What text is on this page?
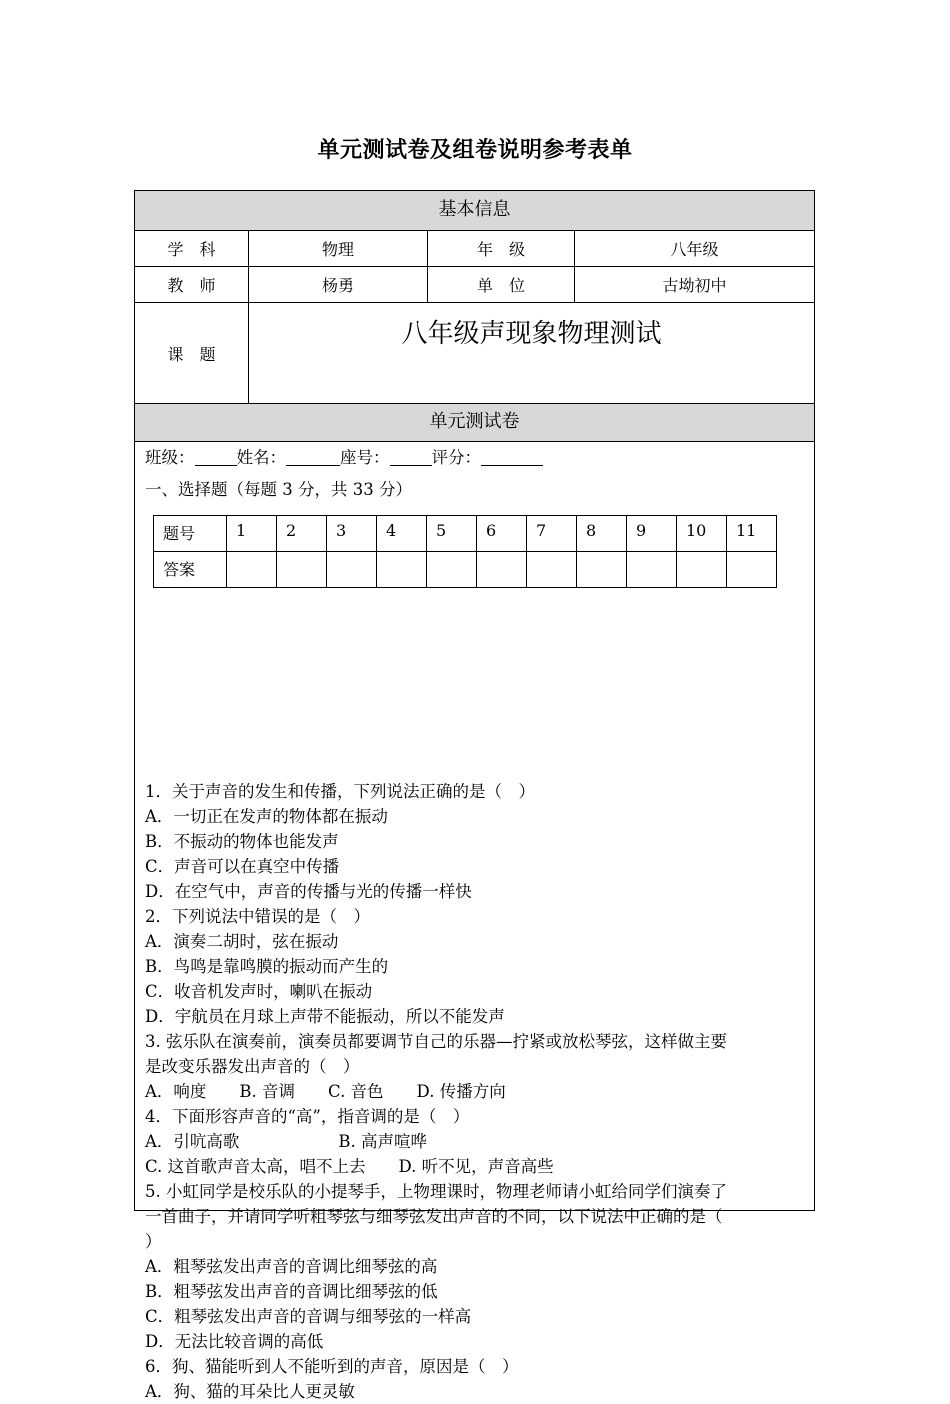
单元测试卷及组卷说明参考表单
基本信息
学　科	物理	年　级	八年级
教　师	杨勇	单　位	古坳初中
课　题
八年级声现象物理测试
单元测试卷
班级：	姓名：	座号：	评分：
一、选择题（每题 3 分，共 33 分）
题号	1	2	3	4	5	6	7	8	9	10	11
答案											
1．关于声音的发生和传播，下列说法正确的是（　）
A．一切正在发声的物体都在振动
B．不振动的物体也能发声
C．声音可以在真空中传播
D．在空气中，声音的传播与光的传播一样快
2．下列说法中错误的是（　）
A．演奏二胡时，弦在振动
B．鸟鸣是靠鸣膜的振动而产生的
C．收音机发声时，喇叭在振动
D．宇航员在月球上声带不能振动，所以不能发声
3. 弦乐队在演奏前，演奏员都要调节自己的乐器—拧紧或放松琴弦，这样做主要
是改变乐器发出声音的（　）
A．响度　　B. 音调　　C. 音色　　D. 传播方向
4．下面形容声音的“高”，指音调的是（　）
A．引吭高歌　　　　　　B. 高声喧哗
C. 这首歌声音太高，唱不上去　　D. 听不见，声音高些
5. 小虹同学是校乐队的小提琴手，上物理课时，物理老师请小虹给同学们演奏了
一首曲子，并请同学听粗琴弦与细琴弦发出声音的不同，以下说法中正确的是（
）
A．粗琴弦发出声音的音调比细琴弦的高
B．粗琴弦发出声音的音调比细琴弦的低
C．粗琴弦发出声音的音调与细琴弦的一样高
D．无法比较音调的高低
6．狗、猫能听到人不能听到的声音，原因是（　）
A．狗、猫的耳朵比人更灵敏
